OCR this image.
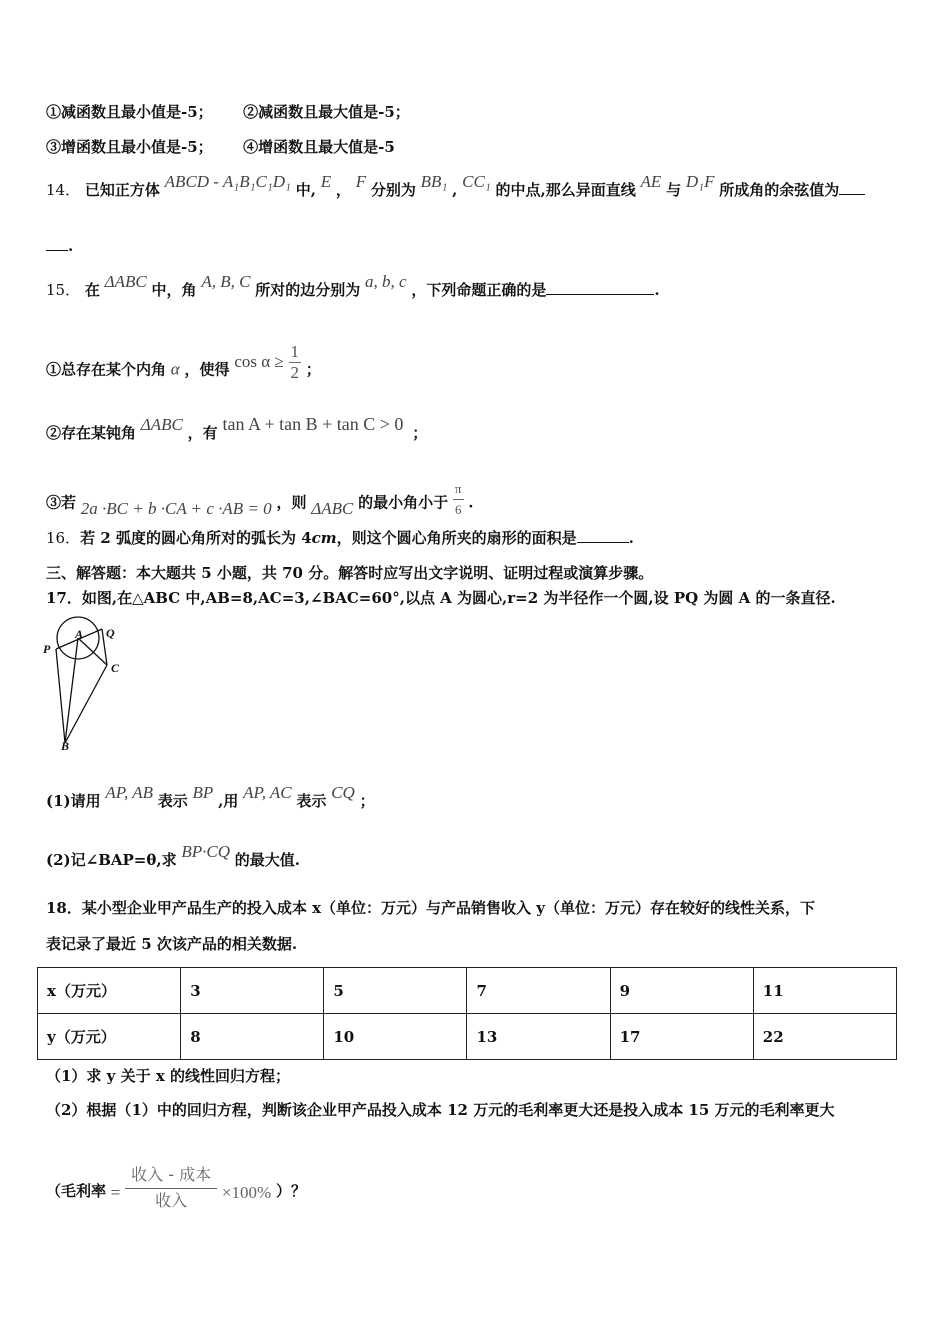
①减函数且最小值是-5； ②减函数且最大值是-5；
③增函数且最小值是-5； ④增函数且最大值是-5
14． 已知正方体 ABCD - A₁B₁C₁D₁ 中, E ， F 分别为 BB₁ , CC₁ 的中点,那么异面直线 AE 与 D₁F 所成角的余弦值为
.
15． 在 ΔABC 中，角 A, B, C 所对的边分别为 a, b, c ，下列命题正确的是	.
①总存在某个内角 α ，使得 $\cos \alpha \ge \frac{1}{2}$ ；
②存在某钝角 ΔABC ，有 tan A + tan B + tan C > 0 ；
③若 2a ·BC + b ·CA + c ·AB = 0 ，则 ΔABC 的最小角小于 $\frac{\pi}{6}$ .
16．若 2 弧度的圆心角所对的弧长为 4cm，则这个圆心角所夹的扇形的面积是	.
三、解答题：本大题共 5 小题，共 70 分。解答时应写出文字说明、证明过程或演算步骤。
17．如图,在△ABC 中,AB=8,AC=3,∠BAC=60°,以点 A 为圆心,r=2 为半径作一个圆,设 PQ 为圆 A 的一条直径.
A Q
P
C
B
(1)请用 AP, AB 表示 BP ,用 AP, AC 表示 CQ ；
(2)记∠BAP=θ,求 BP·CQ 的最大值.
18．某小型企业甲产品生产的投入成本 x（单位：万元）与产品销售收入 y（单位：万元）存在较好的线性关系，下
表记录了最近 5 次该产品的相关数据.
x（万元）	3	5	7	9	11
y（万元）	8	10	13	17	22
（1）求 y 关于 x 的线性回归方程；
（2）根据（1）中的回归方程，判断该企业甲产品投入成本 12 万元的毛利率更大还是投入成本 15 万元的毛利率更大
（毛利率 = $\frac{\text{收入 - 成本}}{\text{收入}} \times 100\%$ ）？
